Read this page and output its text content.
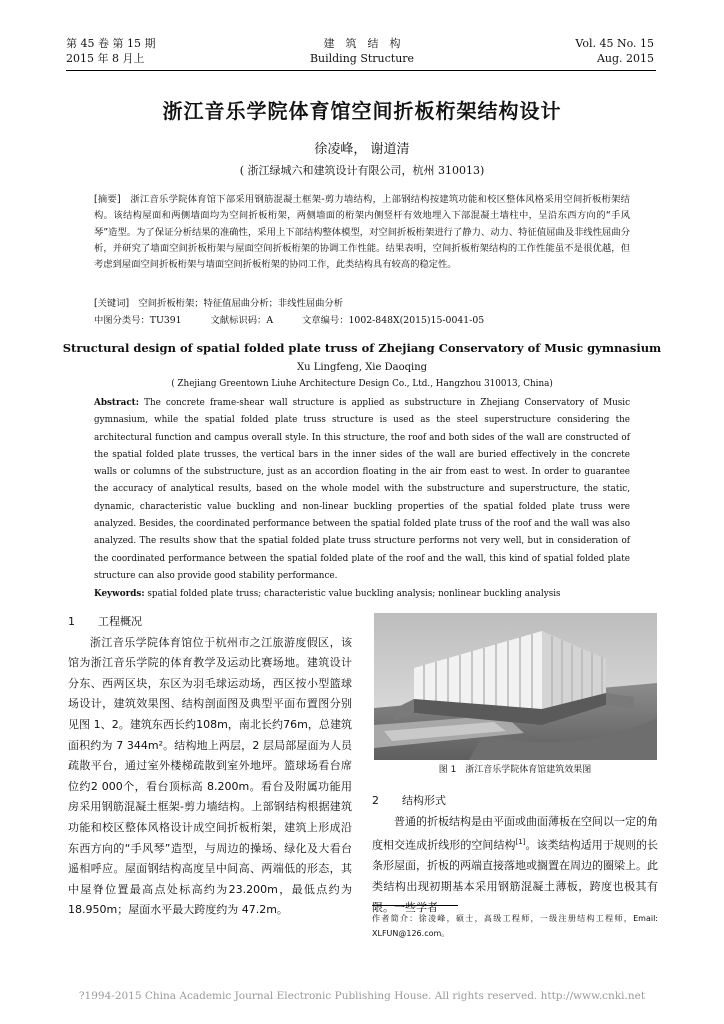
第 45 卷 第 15 期
2015 年 8 月上
建　筑　结　构
Building Structure
Vol. 45 No. 15
Aug. 2015
浙江音乐学院体育馆空间折板桁架结构设计
徐凌峰， 谢道清
( 浙江绿城六和建筑设计有限公司，杭州 310013)

[摘要]　 浙江音乐学院体育馆下部采用钢筋混凝土框架-剪力墙结构，上部钢结构按建筑功能和校区整体风格采用空间折板桁架结构。该结构屋面和两侧墙面均为空间折板桁架，两侧墙面的桁架内侧竖杆有效地埋入下部混凝土墙柱中，呈沿东西方向的“手风琴”造型。为了保证分析结果的准确性，采用上下部结构整体模型，对空间折板桁架进行了静力、动力、特征值屈曲及非线性屈曲分析，并研究了墙面空间折板桁架与屋面空间折板桁架的协调工作性能。结果表明，空间折板桁架结构的工作性能虽不是很优越，但考虑到屋面空间折板桁架与墙面空间折板桁架的协同工作，此类结构具有较高的稳定性。

[关键词]　 空间折板桁架；特征值屈曲分析；非线性屈曲分析
中图分类号：TU391	文献标识码：A	文章编号：1002-848X(2015)15-0041-05
Structural design of spatial folded plate truss of Zhejiang Conservatory of Music gymnasium
Xu Lingfeng, Xie Daoqing
( Zhejiang Greentown Liuhe Architecture Design Co., Ltd., Hangzhou 310013, China)
Abstract: The concrete frame-shear wall structure is applied as substructure in Zhejiang Conservatory of Music gymnasium, while the spatial folded plate truss structure is used as the steel superstructure considering the architectural function and campus overall style. In this structure, the roof and both sides of the wall are constructed of the spatial folded plate trusses, the vertical bars in the inner sides of the wall are buried effectively in the concrete walls or columns of the substructure, just as an accordion floating in the air from east to west. In order to guarantee the accuracy of analytical results, based on the whole model with the substructure and superstructure, the static, dynamic, characteristic value buckling and non-linear buckling properties of the spatial folded plate truss were analyzed. Besides, the coordinated performance between the spatial folded plate truss of the roof and the wall was also analyzed. The results show that the spatial folded plate truss structure performs not very well, but in consideration of the coordinated performance between the spatial folded plate of the roof and the wall, this kind of spatial folded plate structure can also provide good stability performance.
Keywords: spatial folded plate truss; characteristic value buckling analysis; nonlinear buckling analysis
1 工程概况

浙江音乐学院体育馆位于杭州市之江旅游度假区，该馆为浙江音乐学院的体育教学及运动比赛场地。建筑设计分东、西两区块，东区为羽毛球运动场，西区按小型篮球场设计，建筑效果图、结构剖面图及典型平面布置图分别见图 1、2。建筑东西长约108m，南北长约76m，总建筑面积约为 7 344m²。结构地上两层，2 层局部屋面为人员疏散平台，通过室外楼梯疏散到室外地坪。篮球场看台席位约2 000个，看台顶标高 8.200m。看台及附属功能用房采用钢筋混凝土框架-剪力墙结构。上部钢结构根据建筑功能和校区整体风格设计成空间折板桁架，建筑上形成沿东西方向的“手风琴”造型，与周边的操场、绿化及大看台遥相呼应。屋面钢结构高度呈中间高、两端低的形态，其中屋脊位置最高点处标高约为23.200m，最低点约为 18.950m；屋面水平最大跨度约为 47.2m。

图 1　浙江音乐学院体育馆建筑效果图
2 结构形式

普通的折板结构是由平面或曲面薄板在空间以一定的角度相交连成折线形的空间结构[1]。该类结构适用于规则的长条形屋面，折板的两端直接落地或搁置在周边的圈梁上。此类结构出现初期基本采用钢筋混凝土薄板，跨度也极其有限。一些学者

作者简介：徐凌峰，硕士，高级工程师，一级注册结构工程师，Email: XLFUN@126.com。
?1994-2015 China Academic Journal Electronic Publishing House. All rights reserved. http://www.cnki.net
